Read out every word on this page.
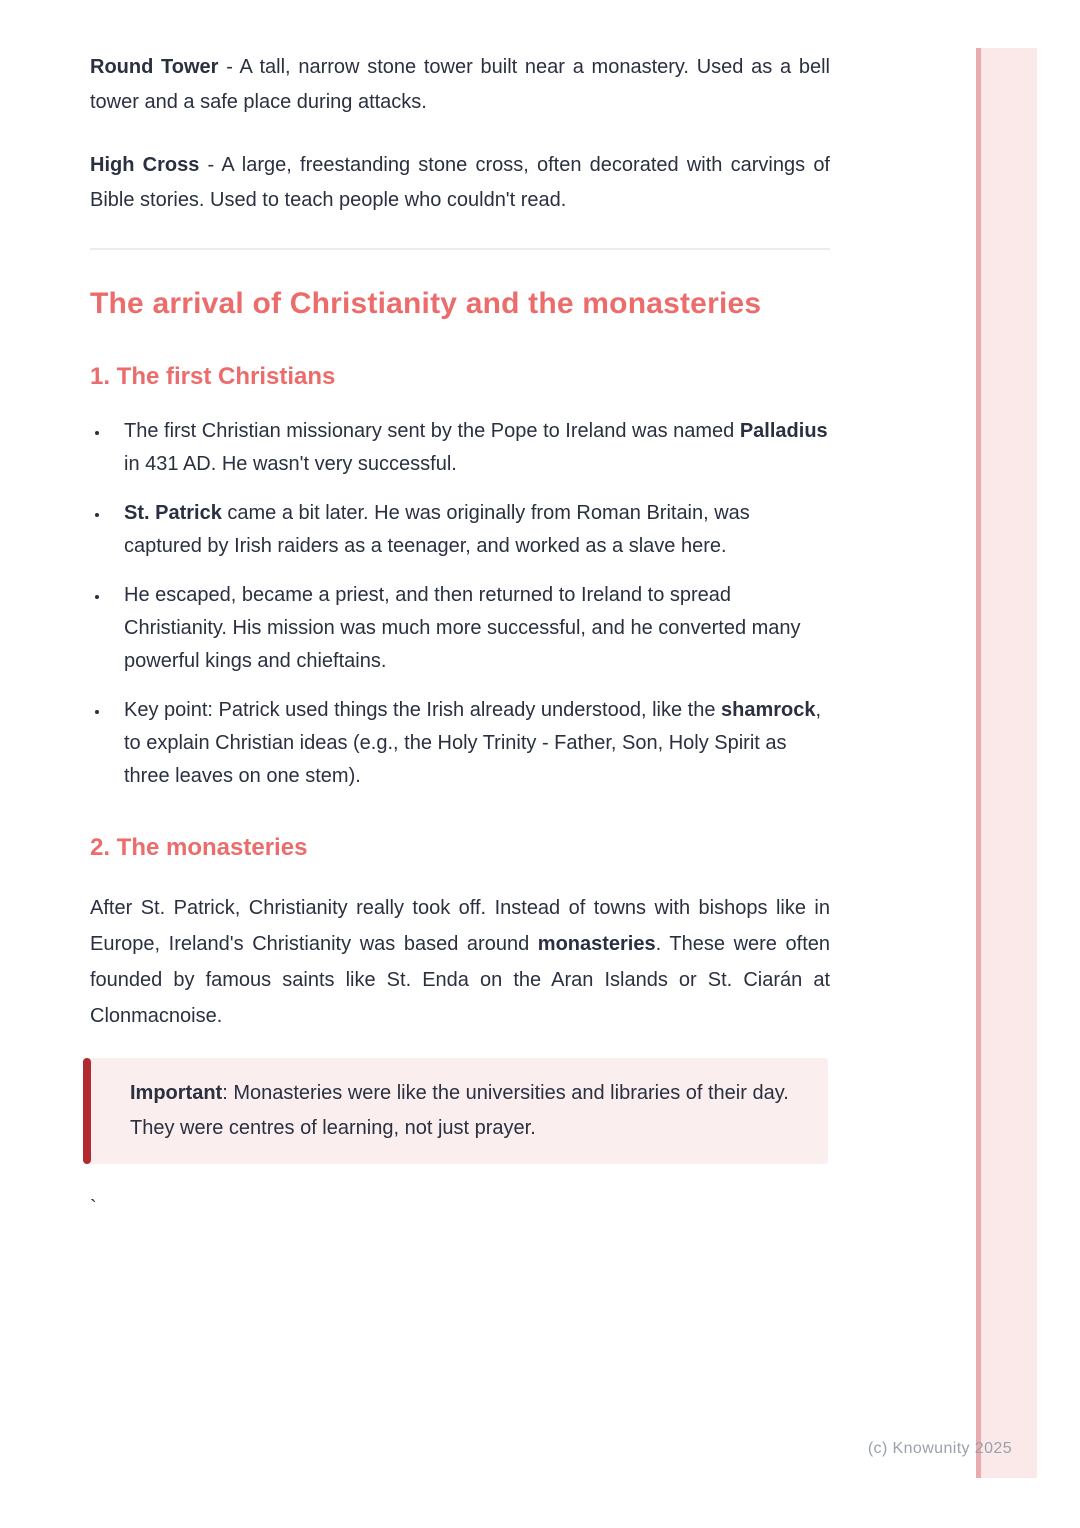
Round Tower - A tall, narrow stone tower built near a monastery. Used as a bell tower and a safe place during attacks.

High Cross - A large, freestanding stone cross, often decorated with carvings of Bible stories. Used to teach people who couldn't read.

The arrival of Christianity and the monasteries
1. The first Christians
• The first Christian missionary sent by the Pope to Ireland was named Palladius in 431 AD. He wasn't very successful.
• St. Patrick came a bit later. He was originally from Roman Britain, was captured by Irish raiders as a teenager, and worked as a slave here.
• He escaped, became a priest, and then returned to Ireland to spread Christianity. His mission was much more successful, and he converted many powerful kings and chieftains.
• Key point: Patrick used things the Irish already understood, like the shamrock, to explain Christian ideas (e.g., the Holy Trinity - Father, Son, Holy Spirit as three leaves on one stem).
2. The monasteries

After St. Patrick, Christianity really took off. Instead of towns with bishops like in Europe, Ireland's Christianity was based around monasteries. These were often founded by famous saints like St. Enda on the Aran Islands or St. Ciarán at Clonmacnoise.

Important: Monasteries were like the universities and libraries of their day. They were centres of learning, not just prayer.

`

(c) Knowunity 2025
